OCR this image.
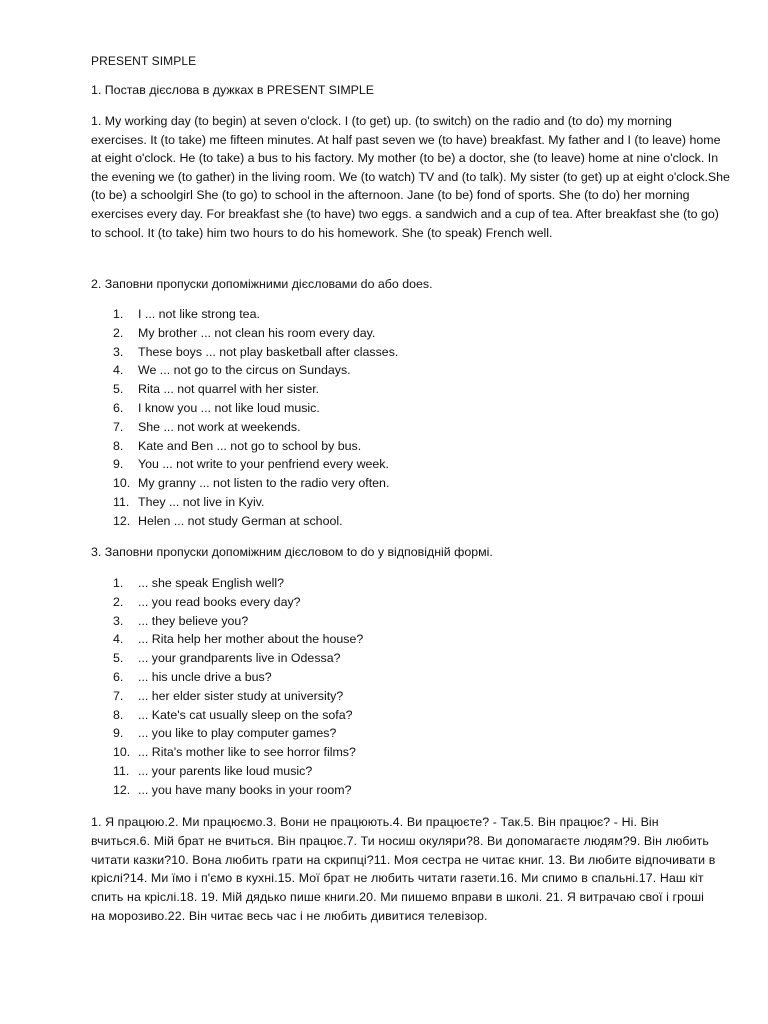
PRESENT SIMPLE

1. Постав дієслова в дужках в PRESENT SIMPLE

1. My working day (to begin) at seven o'clock. I (to get) up. (to switch) on the radio and (to do) my morning exercises. It (to take) me fifteen minutes. At half past seven we (to have) breakfast. My father and I (to leave) home at eight o'clock. He (to take) a bus to his factory. My mother (to be) a doctor, she (to leave) home at nine o'clock. In the evening we (to gather) in the living room. We (to watch) TV and (to talk). My sister (to get) up at eight o'clock.She (to be) a schoolgirl She (to go) to school in the afternoon. Jane (to be) fond of sports. She (to do) her morning exercises every day. For breakfast she (to have) two eggs. a sandwich and a cup of tea. After breakfast she (to go) to school. It (to take) him two hours to do his homework. She (to speak) French well.

2. Заповни пропуски допоміжними дієсловами do або does.

1.	I ... not like strong tea.
2.	My brother ... not clean his room every day.
3.	These boys ... not play basketball after classes.
4.	We ... not go to the circus on Sundays.
5.	Rita ... not quarrel with her sister.
6.	I know you ... not like loud music.
7.	She ... not work at weekends.
8.	Kate and Ben ... not go to school by bus.
9.	You ... not write to your penfriend every week.
10. My granny ... not listen to the radio very often.
11. They ... not live in Kyiv.
12. Helen ... not study German at school.

3. Заповни пропуски допоміжним дієсловом to do у відповідній формі.

1.	... she speak English well?
2.	... you read books every day?
3.	... they believe you?
4.	... Rita help her mother about the house?
5.	... your grandparents live in Odessa?
6.	... his uncle drive a bus?
7.	... her elder sister study at university?
8.	... Kate's cat usually sleep on the sofa?
9.	... you like to play computer games?
10. ... Rita's mother like to see horror films?
11. ... your parents like loud music?
12. ... you have many books in your room?

1. Я працюю.2. Ми працюємо.3. Вони не працюють.4. Ви працюєте? - Так.5. Він працює? - Ні. Він вчиться.6. Мій брат не вчиться. Він працює.7. Ти носиш окуляри?8. Ви допомагаєте людям?9. Він любить читати казки?10. Вона любить грати на скрипці?11. Моя сестра не читає книг. 13. Ви любите відпочивати в кріслі?14. Ми їмо і п'ємо в кухні.15. Мої брат не любить читати газети.16. Ми спимо в спальні.17. Наш кіт спить на кріслі.18. 19. Мій дядько пише книги.20. Ми пишемо вправи в школі. 21. Я витрачаю свої і гроші на морозиво.22. Він читає весь час і не любить дивитися телевізор.
